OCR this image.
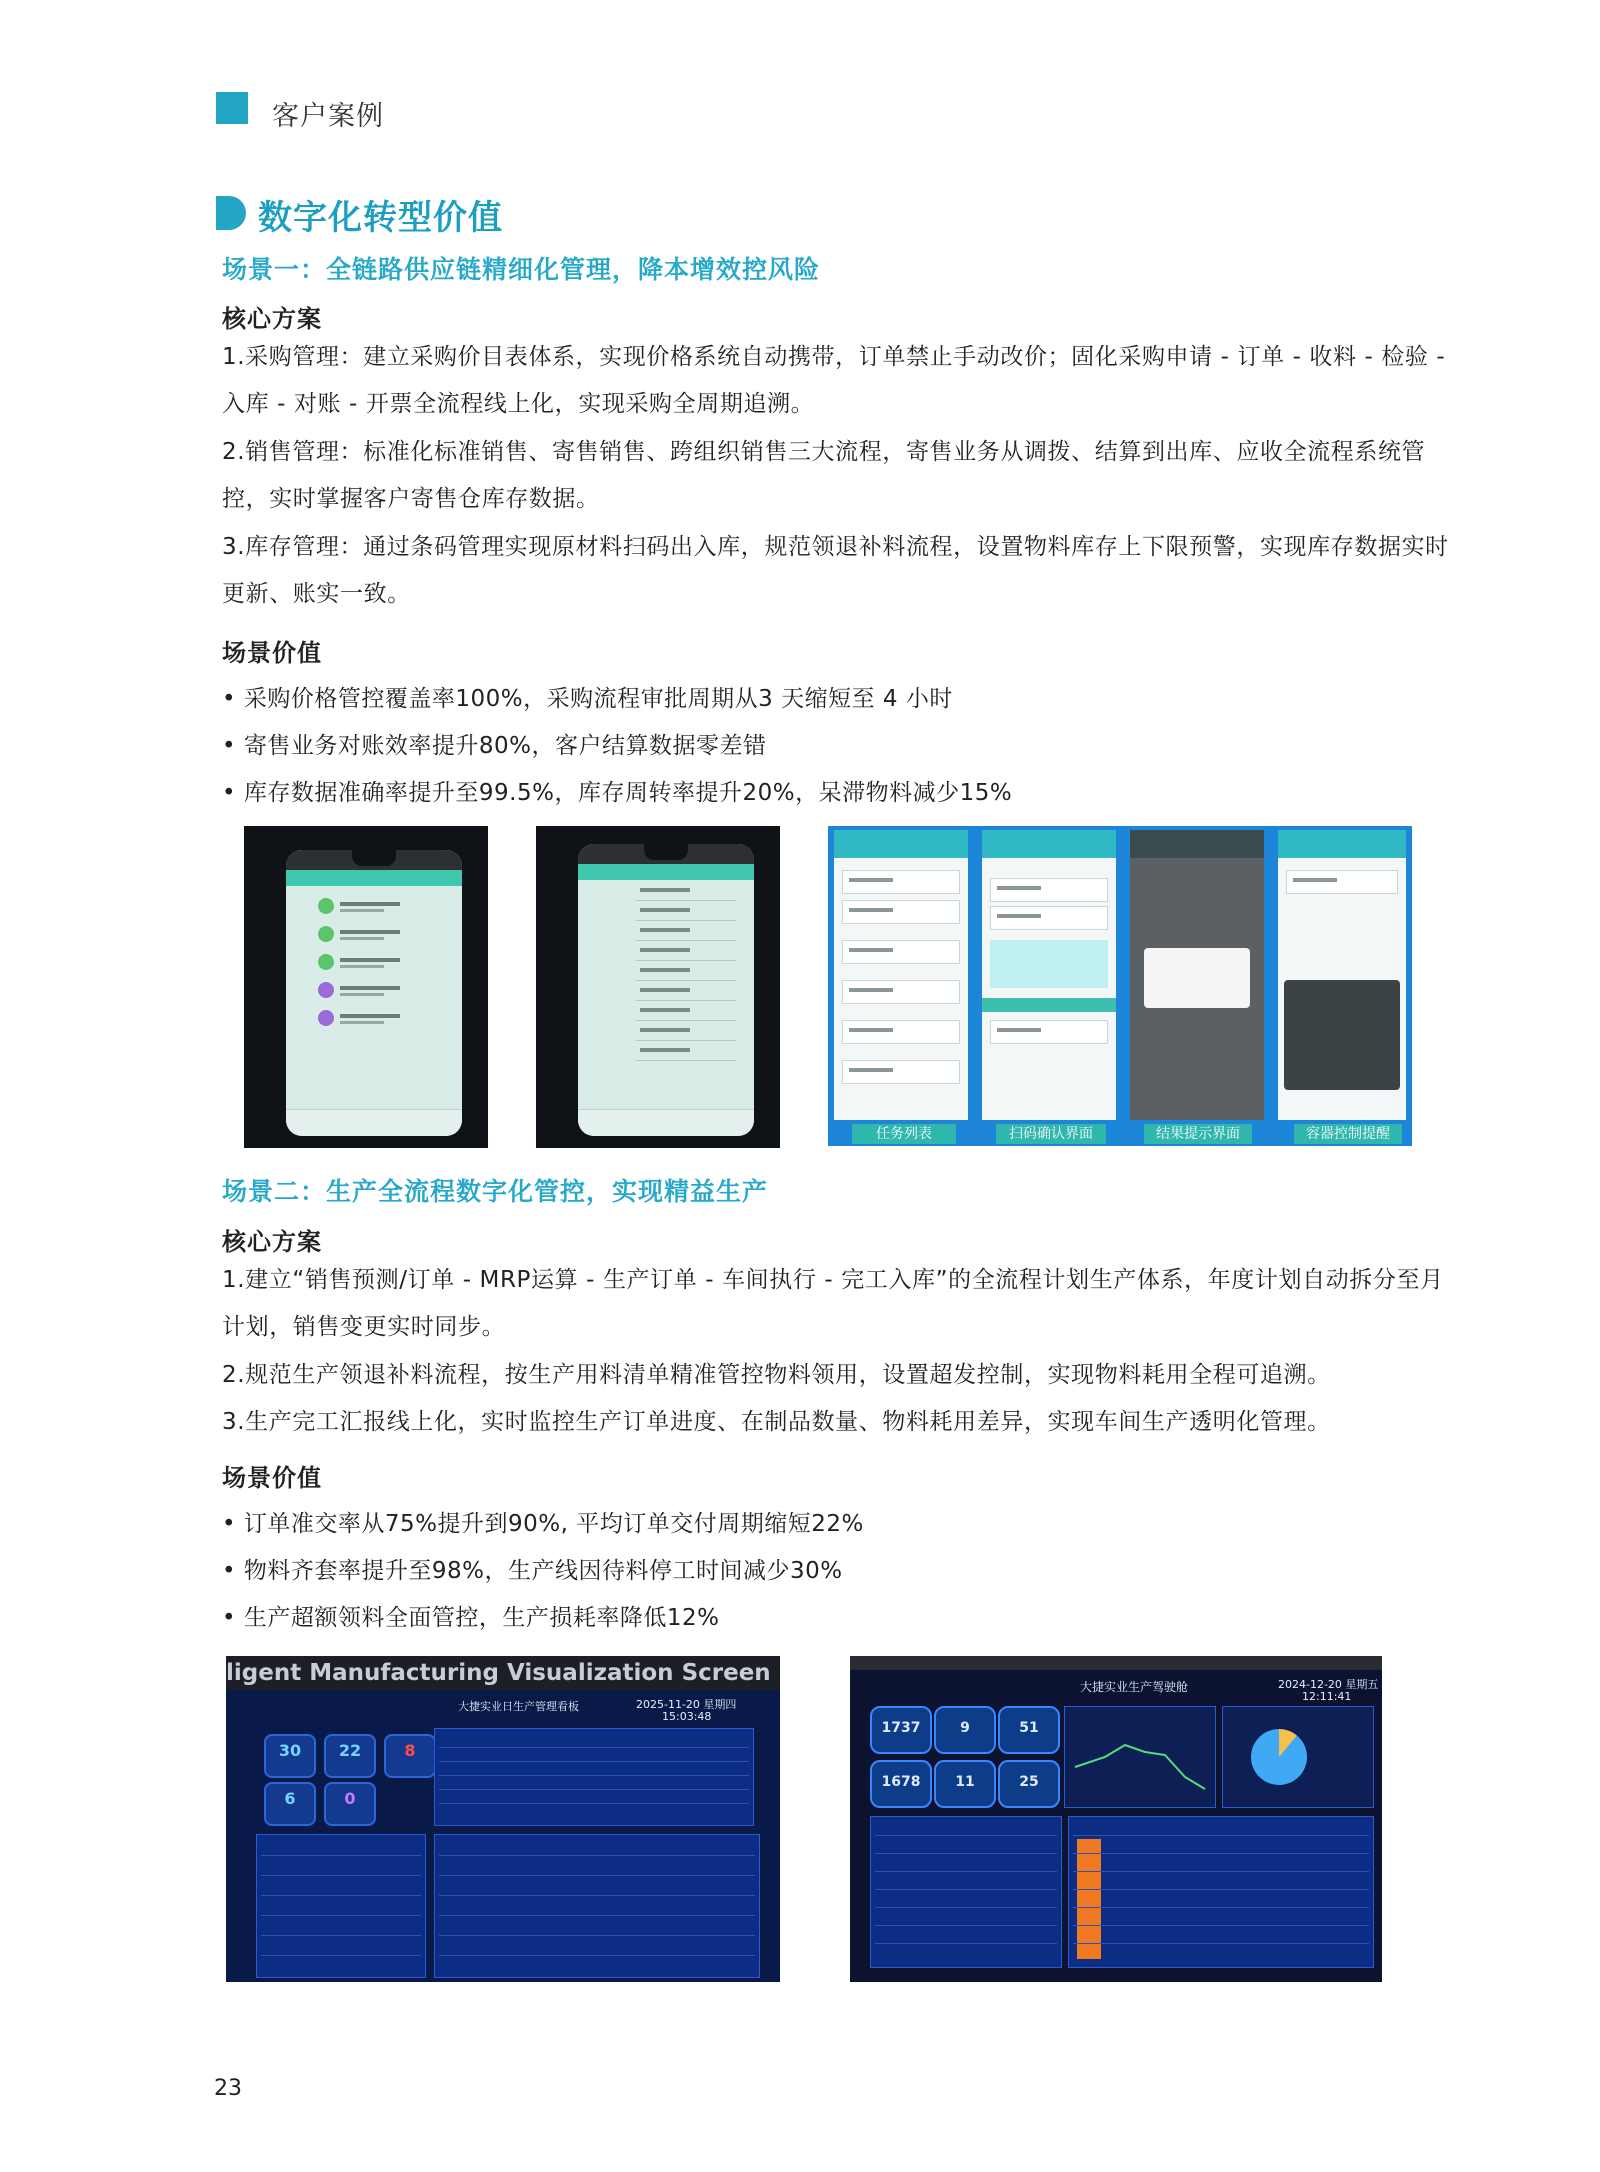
客户案例
数字化转型价值
场景一：全链路供应链精细化管理，降本增效控风险
核心方案
1.采购管理：建立采购价目表体系，实现价格系统自动携带，订单禁止手动改价；固化采购申请 - 订单 - 收料 - 检验 - 入库 - 对账 - 开票全流程线上化，实现采购全周期追溯。
2.销售管理：标准化标准销售、寄售销售、跨组织销售三大流程，寄售业务从调拨、结算到出库、应收全流程系统管控，实时掌握客户寄售仓库存数据。
3.库存管理：通过条码管理实现原材料扫码出入库，规范领退补料流程，设置物料库存上下限预警，实现库存数据实时更新、账实一致。
场景价值
• 采购价格管控覆盖率100%，采购流程审批周期从3 天缩短至 4 小时
• 寄售业务对账效率提升80%，客户结算数据零差错
• 库存数据准确率提升至99.5%，库存周转率提升20%，呆滞物料减少15%
任务列表	扫码确认界面	结果提示界面	容器控制提醒
场景二：生产全流程数字化管控，实现精益生产
核心方案
1.建立“销售预测/订单 - MRP运算 - 生产订单 - 车间执行 - 完工入库”的全流程计划生产体系，年度计划自动拆分至月计划，销售变更实时同步。
2.规范生产领退补料流程，按生产用料清单精准管控物料领用，设置超发控制，实现物料耗用全程可追溯。
3.生产完工汇报线上化，实时监控生产订单进度、在制品数量、物料耗用差异，实现车间生产透明化管理。
场景价值
• 订单准交率从75%提升到90%, 平均订单交付周期缩短22%
• 物料齐套率提升至98%，生产线因待料停工时间减少30%
• 生产超额领料全面管控，生产损耗率降低12%
ligent Manufacturing Visualization Screen
大捷实业日生产管理看板	2025-11-20 星期四
15:03:48
30	22	8
6	0
大捷实业生产驾驶舱	2024-12-20 星期五
12:11:41
1737	9	51
1678	11	25
23
